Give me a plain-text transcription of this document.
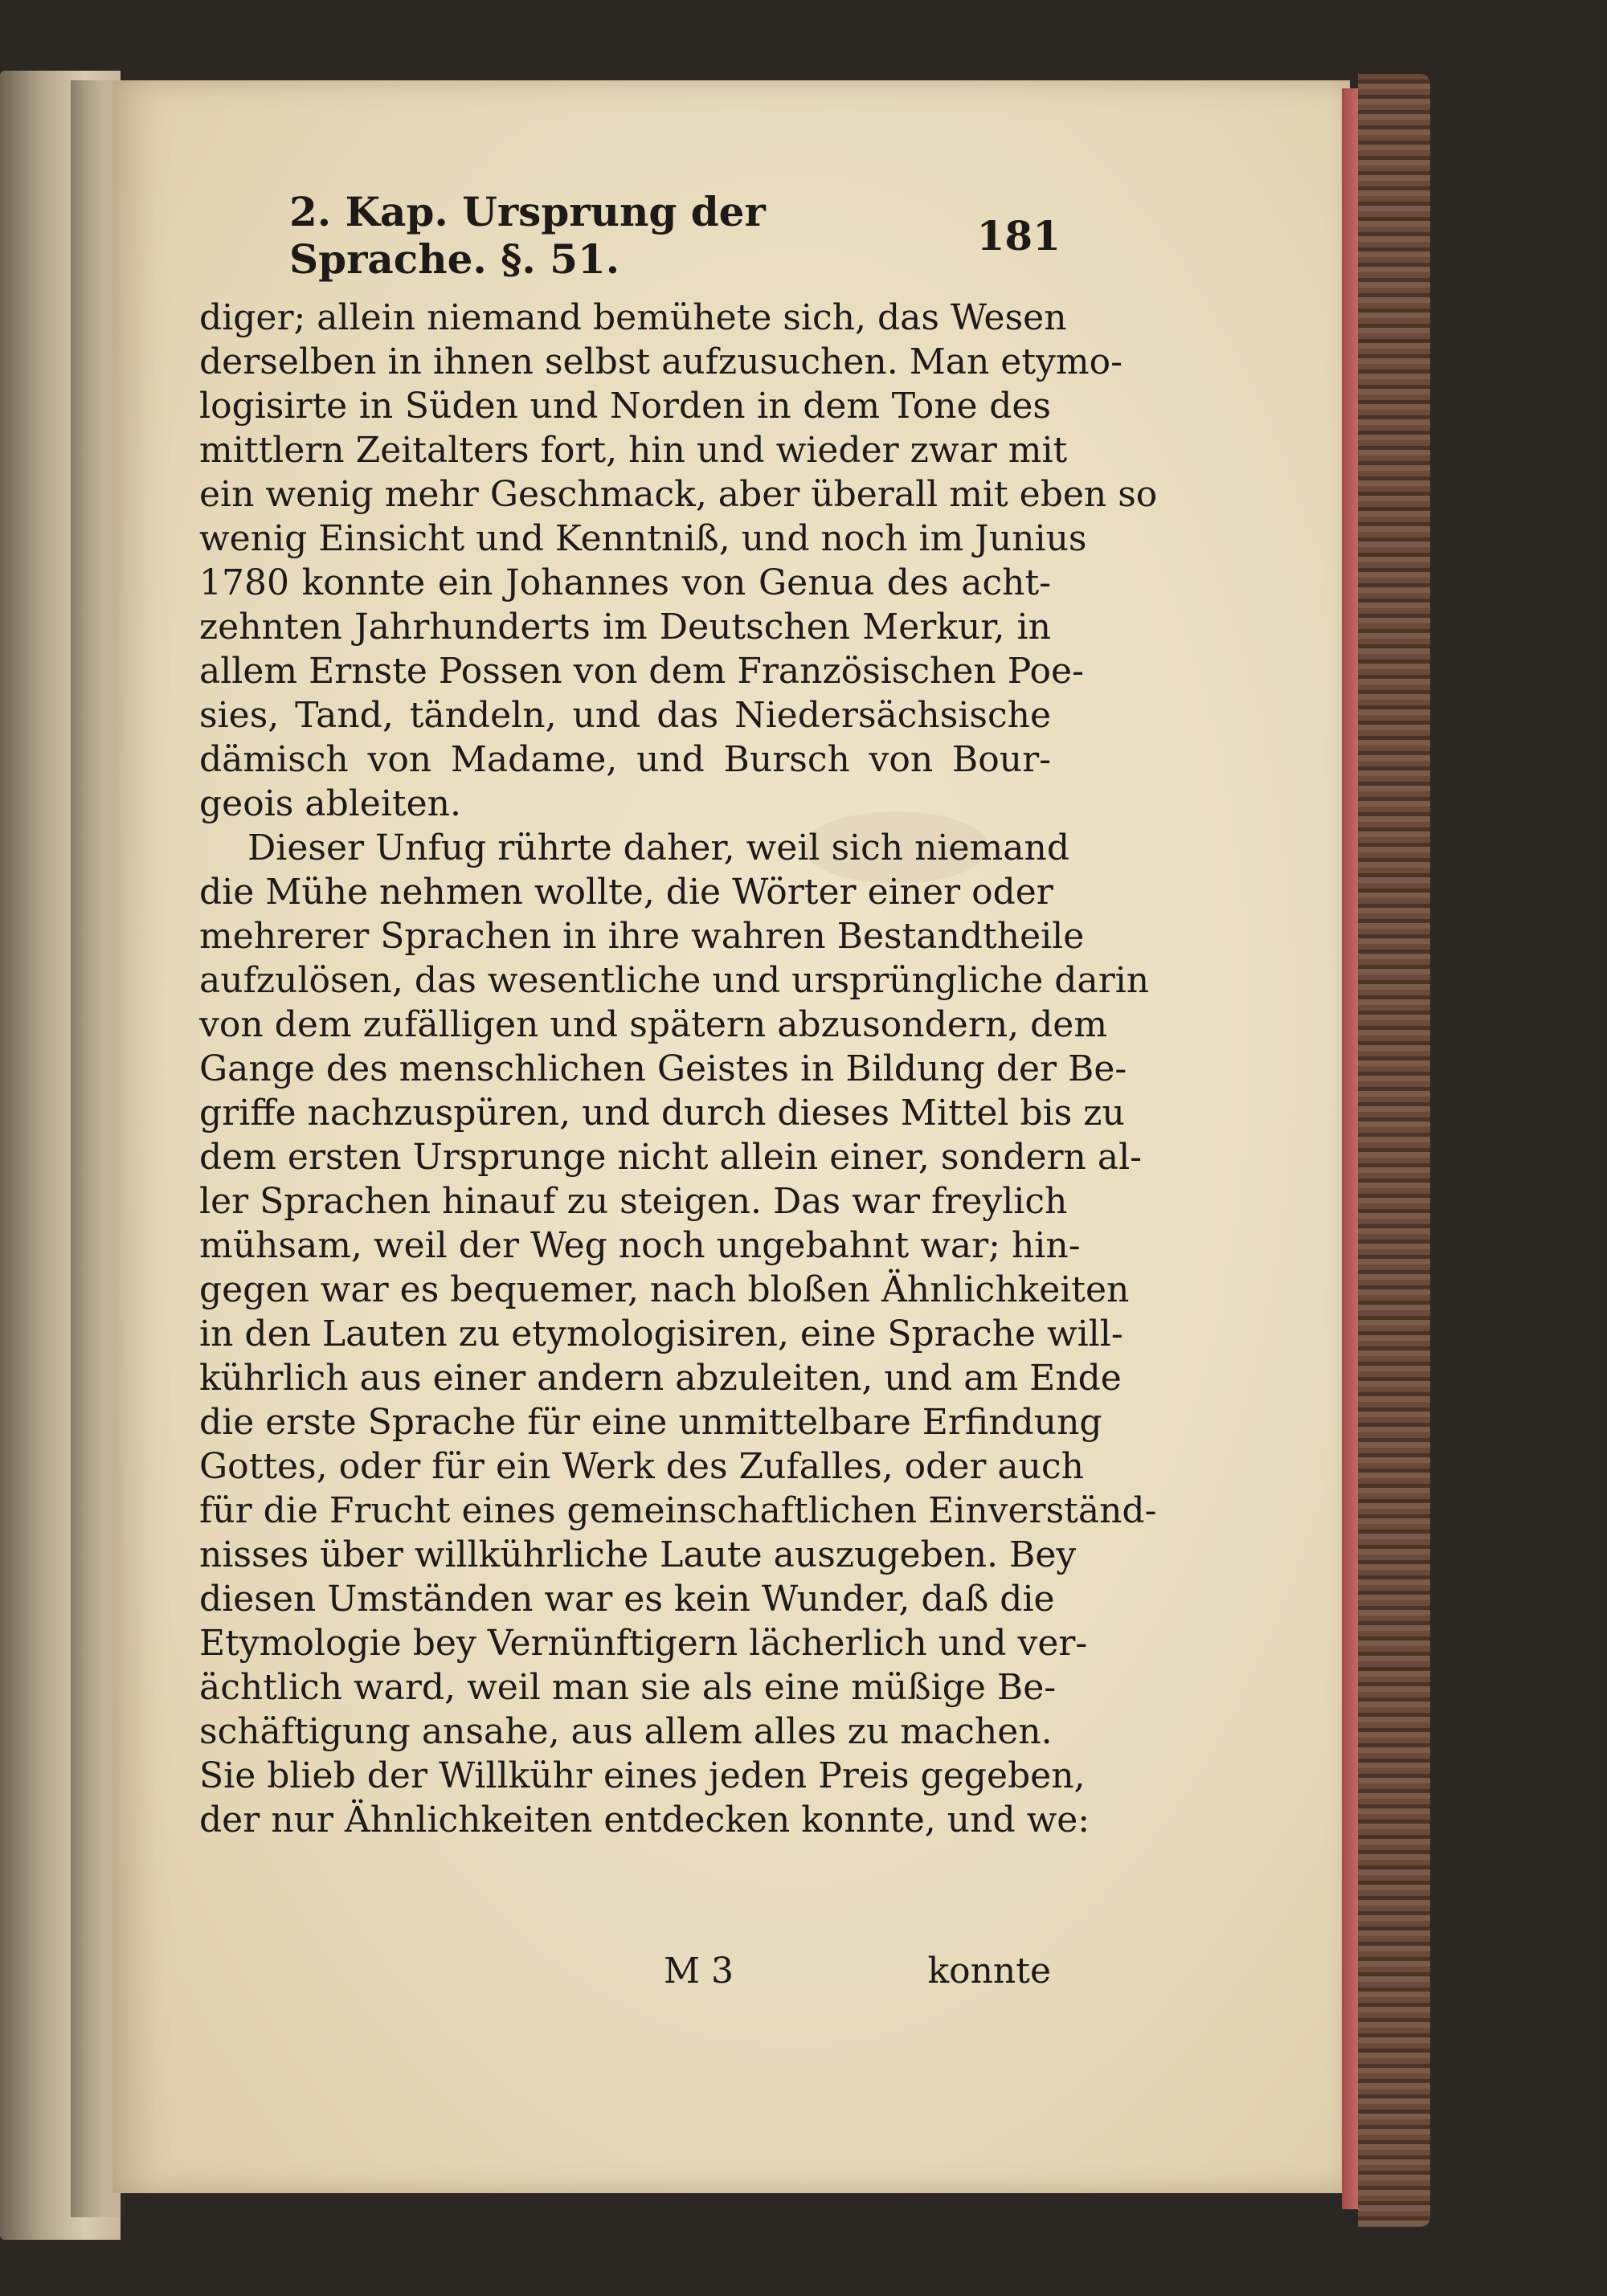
2. Kap. Ursprung der Sprache. §. 51.	181
diger; allein niemand bemühete sich, das Wesen
derselben in ihnen selbst aufzusuchen. Man etymo-
logisirte in Süden und Norden in dem Tone des
mittlern Zeitalters fort, hin und wieder zwar mit
ein wenig mehr Geschmack, aber überall mit eben so
wenig Einsicht und Kenntniß, und noch im Junius
1780 konnte ein Johannes von Genua des acht-
zehnten Jahrhunderts im Deutschen Merkur, in
allem Ernste Possen von dem Französischen Poe-
sies, Tand, tändeln, und das Niedersächsische
dämisch von Madame, und Bursch von Bour-
geois ableiten.
Dieser Unfug rührte daher, weil sich niemand
die Mühe nehmen wollte, die Wörter einer oder
mehrerer Sprachen in ihre wahren Bestandtheile
aufzulösen, das wesentliche und ursprüngliche darin
von dem zufälligen und spätern abzusondern, dem
Gange des menschlichen Geistes in Bildung der Be-
griffe nachzuspüren, und durch dieses Mittel bis zu
dem ersten Ursprunge nicht allein einer, sondern al-
ler Sprachen hinauf zu steigen. Das war freylich
mühsam, weil der Weg noch ungebahnt war; hin-
gegen war es bequemer, nach bloßen Ähnlichkeiten
in den Lauten zu etymologisiren, eine Sprache will-
kührlich aus einer andern abzuleiten, und am Ende
die erste Sprache für eine unmittelbare Erfindung
Gottes, oder für ein Werk des Zufalles, oder auch
für die Frucht eines gemeinschaftlichen Einverständ-
nisses über willkührliche Laute auszugeben. Bey
diesen Umständen war es kein Wunder, daß die
Etymologie bey Vernünftigern lächerlich und ver-
ächtlich ward, weil man sie als eine müßige Be-
schäftigung ansahe, aus allem alles zu machen.
Sie blieb der Willkühr eines jeden Preis gegeben,
der nur Ähnlichkeiten entdecken konnte, und we:
M 3	konnte
